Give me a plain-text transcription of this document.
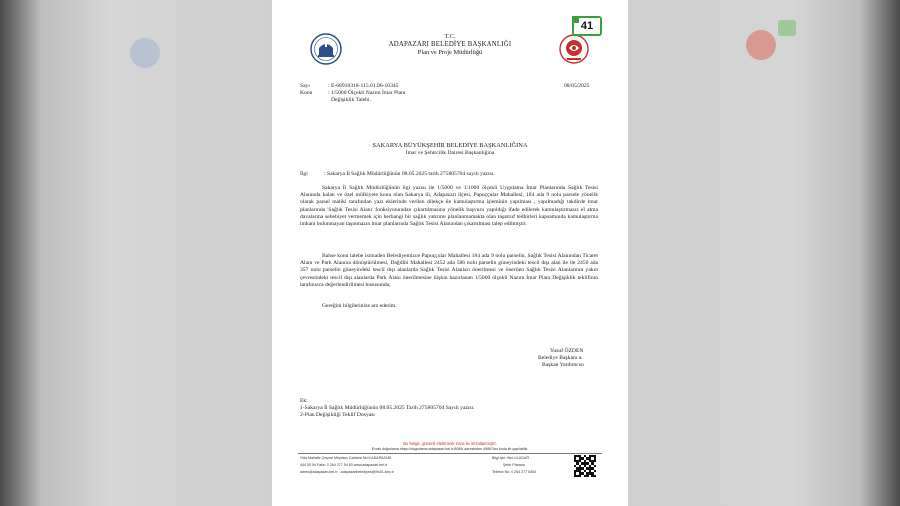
T.C.
ADAPAZARI BELEDİYE BAŞKANLIĞI
Plan ve Proje Müdürlüğü
41
Sayı	: E-68918318-115.01.06-10345	08/05/2025
Konu	: 1/5000 Ölçekli Nazım İmar Planı
Değişiklik Talebi.
SAKARYA BÜYÜKŞEHİR BELEDİYE BAŞKANLIĞINA
İmar ve Şehircilik Dairesi Başkanlığına
İlgi	: Sakarya İl Sağlık Müdürlüğünün 08.05.2025 tarih 275805704 sayılı yazısı.
Sakarya İl Sağlık Müdürlüğünün ilgi yazısı ile 1/5000 ve 1/1000 ölçekli Uygulama İmar Planlarında Sağlık Tesisi Alanında kalan ve özel mülkiyete konu olan Sakarya ili, Adapazarı ilçesi, Papuççular Mahallesi, 184 ada 9 nolu parsele yönelik olarak parsel maliki tarafından yazı eklerinde verilen dilekçe ile kamulaştırma işleminin yapılması , yapılmadığı takdirde imar planlarında 'Sağlık Tesisi Alanı' fonksiyonundan çıkartılmasına yönelik başvuru yapıldığı ifade edilerek kamulaştırmasız el atma davalarına sebebiyet vermemek için herhangi bir sağlık yatırımı planlanmamakta olan taşarruf tedbirleri kapsamında kamulaştırma imkanı bulunmayan taşınmazın imar planlarında Sağlık Tesisi Alanından çıkartılması talep edilmiştir.
Bahse konu talebe istinaden Belediyemizce Papuççular Mahallesi 184 ada 9 nolu parselin, Sağlık Tesisi Alanından Ticaret Alanı ve Park Alanına dönüştürülmesi, Dağdibi Mahallesi 2452 ada 586 nolu parselin güneyindeki tescil dışı alan ile ile 2450 ada 357 nolu parselin güneyindeki tescil dışı alanlarda Sağlık Tesisi Alanları önerilmesi ve önerilen Sağlık Tesisi Alanlarının yakın çevresindeki tescil dışı alanlarda Park Alanı önerilmesine ilişkin hazırlanan 1/5000 ölçekli Nazım İmar Planı Değişiklik teklifinin tarafınızca değerlendirilmesi hususunda;
Gereğini bilgilerinize arz ederim.
Yusuf ÖZDEN
Belediye Başkanı a.
Başkan Yardımcısı
Ek:
1-Sakarya İl Sağlık Müdürlüğünün 08.05.2025 Tarih 275805704 Sayılı yazısı.
2-Plan Değişikliği Teklif Dosyası
Bu belge, güvenli elektronik imza ile imzalanmıştır.
Evrak doğrulama https://dogrulama.adapazari.bel.tr:8085/ adresinden 49867ksr koda ile yapılabilir.
Orta Mahalle Çeşme Meydanı Caddesi No:9 ADAPAZARI
444 50 54 Faks: 0 264 277 54 63 www.adapazari.bel.tr
adres@adapazari.bel.tr - adapazaribelediyesi@hs01.kep.tr
Bilgi için: İlter ULUDAĞ
Şehir Plancısı
Telefon No: 0 264 277 5463
